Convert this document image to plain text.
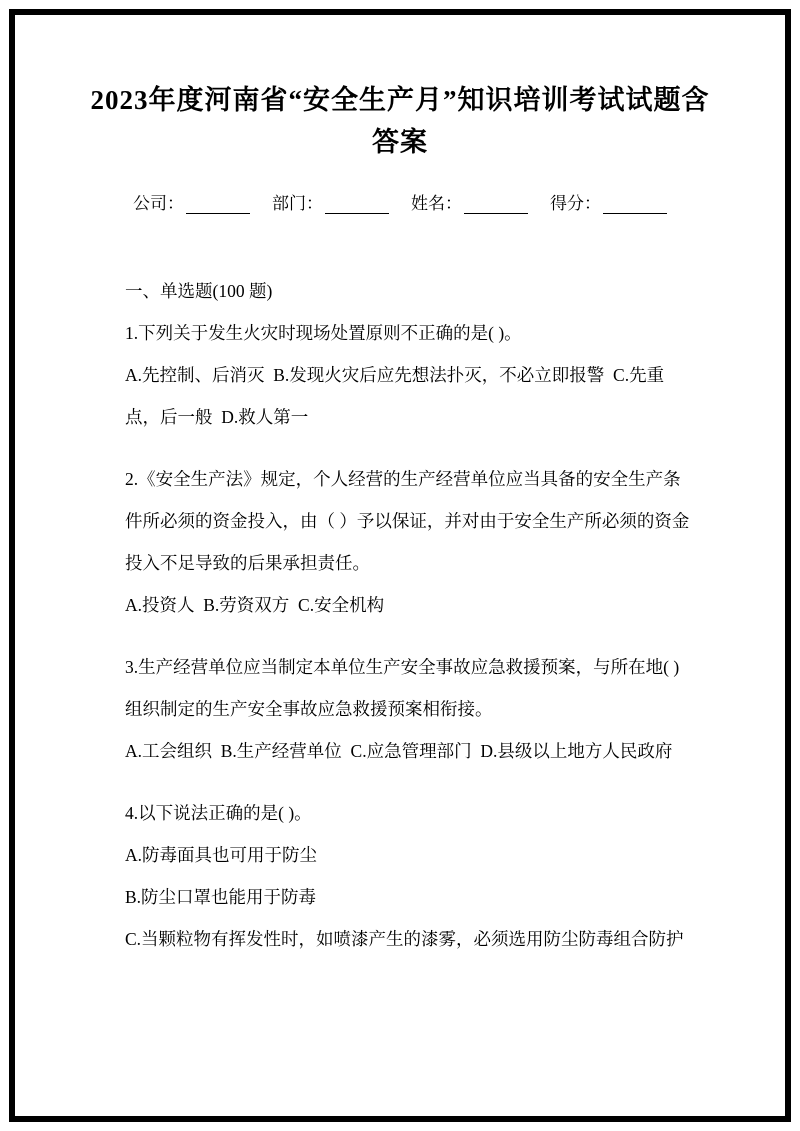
2023年度河南省“安全生产月”知识培训考试试题含答案
公司：	部门：	姓名：	得分：

一、单选题(100 题)

1.下列关于发生火灾时现场处置原则不正确的是( )。

A.先控制、后消灭  B.发现火灾后应先想法扑灭，不必立即报警  C.先重点，后一般  D.救人第一

2.《安全生产法》规定，个人经营的生产经营单位应当具备的安全生产条件所必须的资金投入，由（ ）予以保证，并对由于安全生产所必须的资金投入不足导致的后果承担责任。

A.投资人  B.劳资双方  C.安全机构

3.生产经营单位应当制定本单位生产安全事故应急救援预案，与所在地( )组织制定的生产安全事故应急救援预案相衔接。

A.工会组织  B.生产经营单位  C.应急管理部门  D.县级以上地方人民政府

4.以下说法正确的是( )。

A.防毒面具也可用于防尘

B.防尘口罩也能用于防毒

C.当颗粒物有挥发性时，如喷漆产生的漆雾，必须选用防尘防毒组合防护
